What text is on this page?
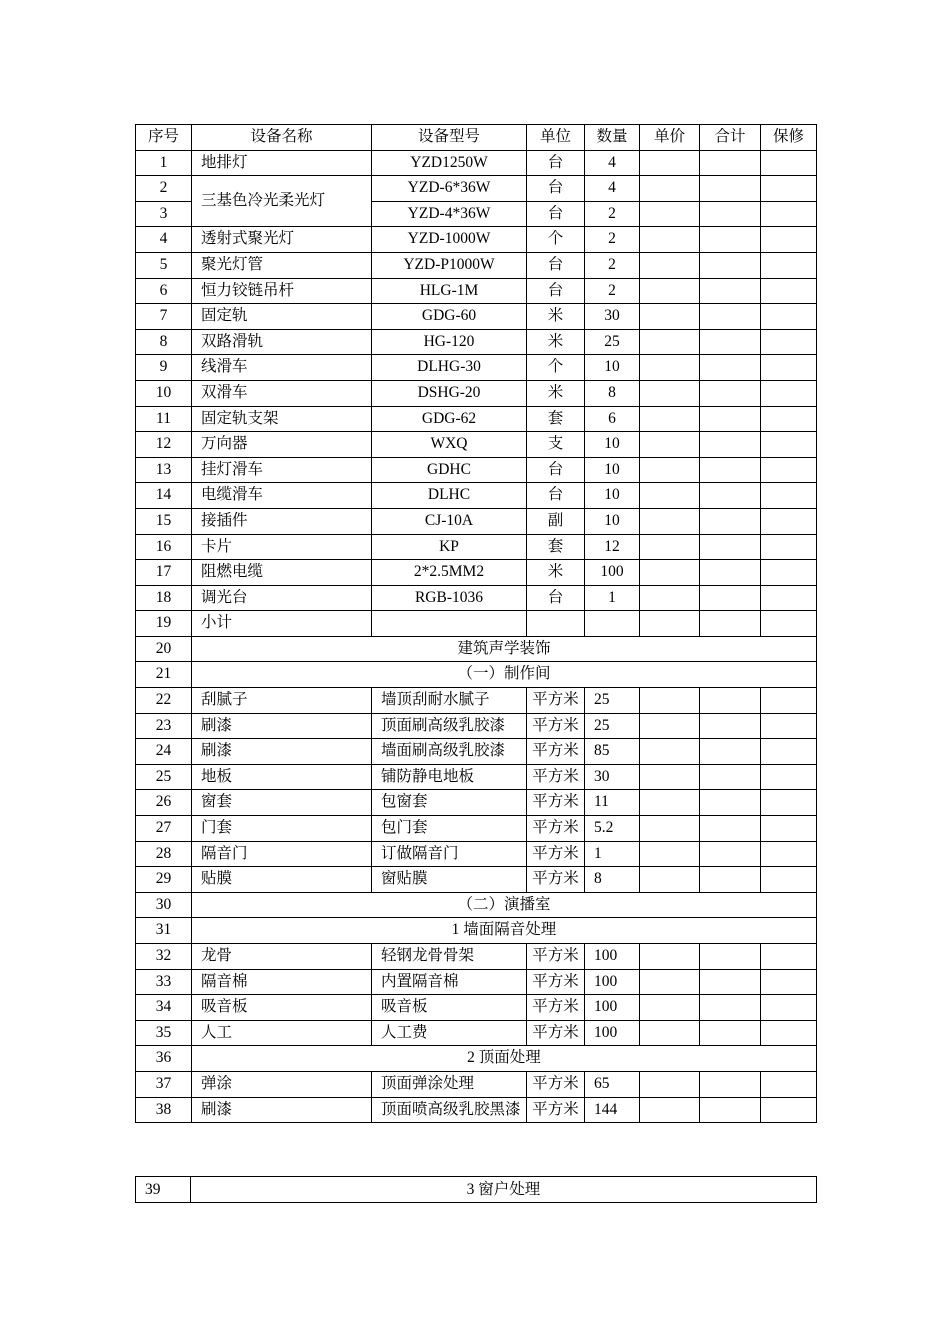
序号	设备名称	设备型号	单位	数量	单价	合计	保修
1	地排灯	YZD1250W	台	4			
2	三基色冷光柔光灯	YZD-6*36W	台	4			
3		YZD-4*36W	台	2			
4	透射式聚光灯	YZD-1000W	个	2			
5	聚光灯管	YZD-P1000W	台	2			
6	恒力铰链吊杆	HLG-1M	台	2			
7	固定轨	GDG-60	米	30			
8	双路滑轨	HG-120	米	25			
9	线滑车	DLHG-30	个	10			
10	双滑车	DSHG-20	米	8			
11	固定轨支架	GDG-62	套	6			
12	万向器	WXQ	支	10			
13	挂灯滑车	GDHC	台	10			
14	电缆滑车	DLHC	台	10			
15	接插件	CJ-10A	副	10			
16	卡片	KP	套	12			
17	阻燃电缆	2*2.5MM2	米	100			
18	调光台	RGB-1036	台	1			
19	小计						
20	建筑声学装饰						
21	（一）制作间						
22	刮腻子	墙顶刮耐水腻子	平方米	25			
23	刷漆	顶面刷高级乳胶漆	平方米	25			
24	刷漆	墙面刷高级乳胶漆	平方米	85			
25	地板	铺防静电地板	平方米	30			
26	窗套	包窗套	平方米	11			
27	门套	包门套	平方米	5.2			
28	隔音门	订做隔音门	平方米	1			
29	贴膜	窗贴膜	平方米	8			
30	（二）演播室						
31	1 墙面隔音处理						
32	龙骨	轻钢龙骨骨架	平方米	100			
33	隔音棉	内置隔音棉	平方米	100			
34	吸音板	吸音板	平方米	100			
35	人工	人工费	平方米	100			
36	2 顶面处理						
37	弹涂	顶面弹涂处理	平方米	65			
38	刷漆	顶面喷高级乳胶黑漆	平方米	144			
39	3 窗户处理
